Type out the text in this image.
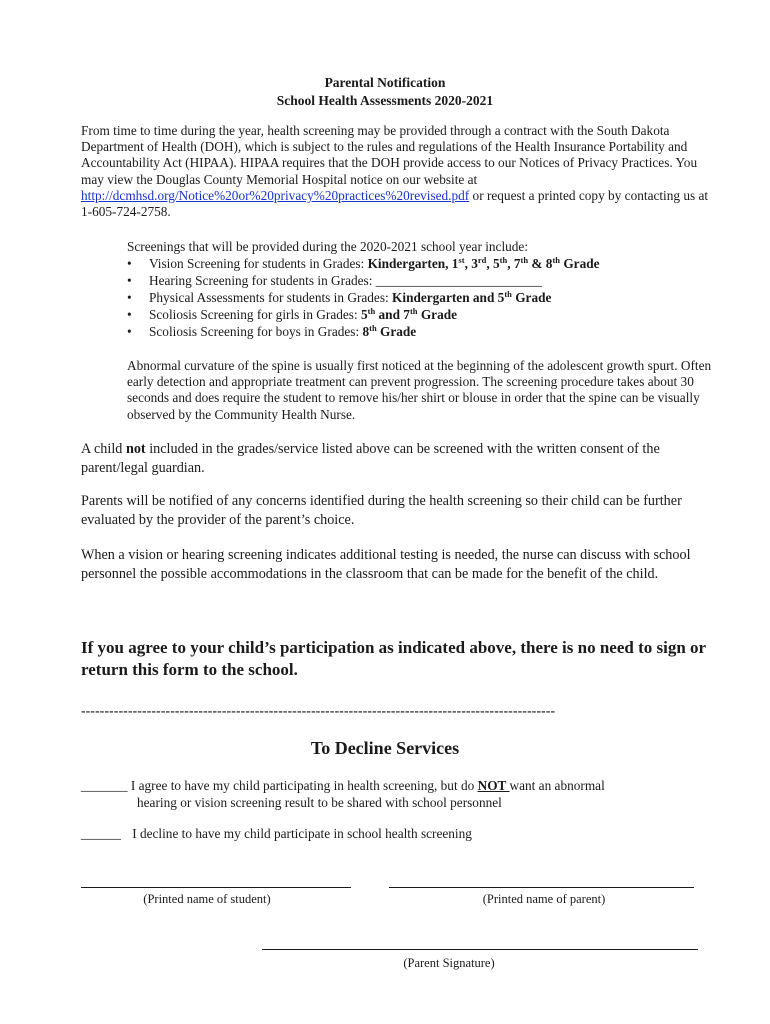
Parental Notification
School Health Assessments 2020-2021
From time to time during the year, health screening may be provided through a contract with the South Dakota Department of Health (DOH), which is subject to the rules and regulations of the Health Insurance Portability and Accountability Act (HIPAA). HIPAA requires that the DOH provide access to our Notices of Privacy Practices. You may view the Douglas County Memorial Hospital notice on our website at http://dcmhsd.org/Notice%20or%20privacy%20practices%20revised.pdf or request a printed copy by contacting us at 1-605-724-2758.
Screenings that will be provided during the 2020-2021 school year include:
• Vision Screening for students in Grades: Kindergarten, 1st, 3rd, 5th, 7th & 8th Grade
• Hearing Screening for students in Grades: _________________________
• Physical Assessments for students in Grades: Kindergarten and 5th Grade
• Scoliosis Screening for girls in Grades: 5th and 7th Grade
• Scoliosis Screening for boys in Grades: 8th Grade
Abnormal curvature of the spine is usually first noticed at the beginning of the adolescent growth spurt. Often early detection and appropriate treatment can prevent progression. The screening procedure takes about 30 seconds and does require the student to remove his/her shirt or blouse in order that the spine can be visually observed by the Community Health Nurse.
A child not included in the grades/service listed above can be screened with the written consent of the parent/legal guardian.
Parents will be notified of any concerns identified during the health screening so their child can be further evaluated by the provider of the parent’s choice.
When a vision or hearing screening indicates additional testing is needed, the nurse can discuss with school personnel the possible accommodations in the classroom that can be made for the benefit of the child.
If you agree to your child’s participation as indicated above, there is no need to sign or return this form to the school.
-----------------------------------------------------------------------------------------------------
To Decline Services
_______ I agree to have my child participating in health screening, but do NOT want an abnormal
hearing or vision screening result to be shared with school personnel
______ I decline to have my child participate in school health screening
(Printed name of student)	(Printed name of parent)
(Parent Signature)
